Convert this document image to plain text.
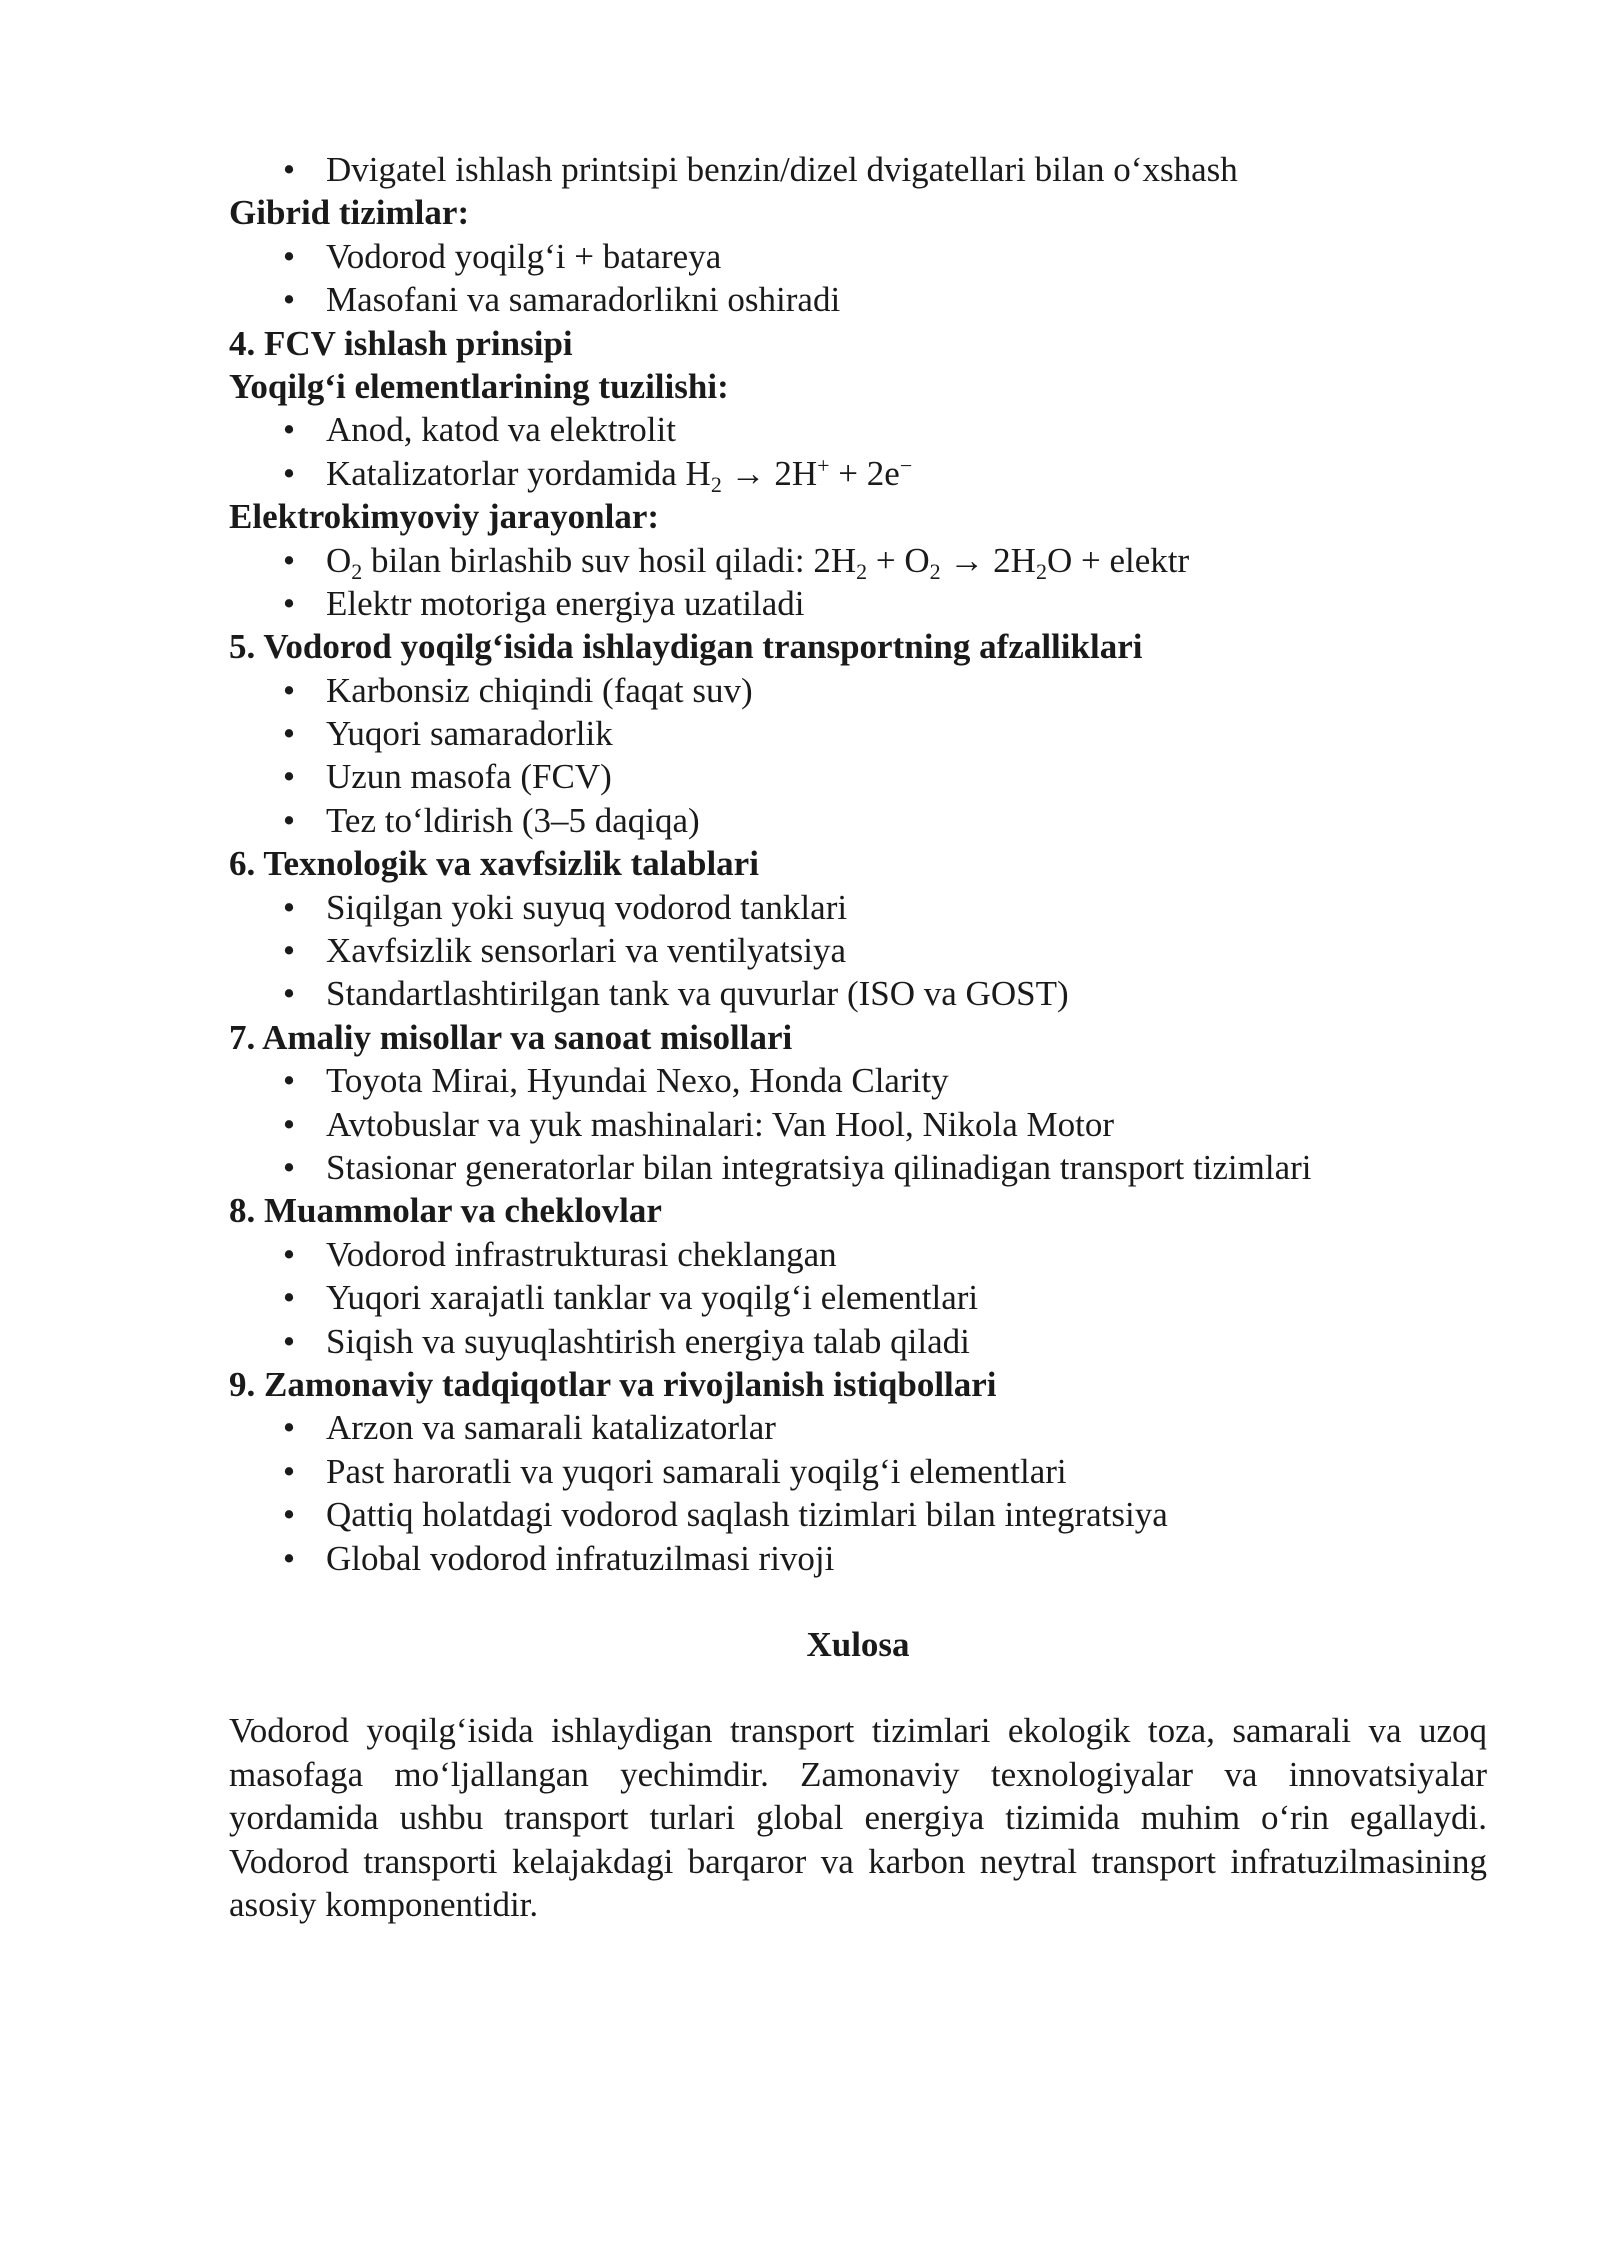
• Dvigatel ishlash printsipi benzin/dizel dvigatellari bilan o‘xshash
Gibrid tizimlar:
• Vodorod yoqilg‘i + batareya
• Masofani va samaradorlikni oshiradi
4. FCV ishlash prinsipi
Yoqilg‘i elementlarining tuzilishi:
• Anod, katod va elektrolit
• Katalizatorlar yordamida $H_2 \to 2H^+ + 2e^-$
Elektrokimyoviy jarayonlar:
• $O_2$ bilan birlashib suv hosil qiladi: $2H_2 + O_2 \to 2H_2O$ + elektr
• Elektr motoriga energiya uzatiladi
5. Vodorod yoqilg‘isida ishlaydigan transportning afzalliklari
• Karbonsiz chiqindi (faqat suv)
• Yuqori samaradorlik
• Uzun masofa (FCV)
• Tez to‘ldirish (3–5 daqiqa)
6. Texnologik va xavfsizlik talablari
• Siqilgan yoki suyuq vodorod tanklari
• Xavfsizlik sensorlari va ventilyatsiya
• Standartlashtirilgan tank va quvurlar (ISO va GOST)
7. Amaliy misollar va sanoat misollari
• Toyota Mirai, Hyundai Nexo, Honda Clarity
• Avtobuslar va yuk mashinalari: Van Hool, Nikola Motor
• Stasionar generatorlar bilan integratsiya qilinadigan transport tizimlari
8. Muammolar va cheklovlar
• Vodorod infrastrukturasi cheklangan
• Yuqori xarajatli tanklar va yoqilg‘i elementlari
• Siqish va suyuqlashtirish energiya talab qiladi
9. Zamonaviy tadqiqotlar va rivojlanish istiqbollari
• Arzon va samarali katalizatorlar
• Past haroratli va yuqori samarali yoqilg‘i elementlari
• Qattiq holatdagi vodorod saqlash tizimlari bilan integratsiya
• Global vodorod infratuzilmasi rivoji
Xulosa
Vodorod yoqilg‘isida ishlaydigan transport tizimlari ekologik toza, samarali va uzoq masofaga mo‘ljallangan yechimdir. Zamonaviy texnologiyalar va innovatsiyalar yordamida ushbu transport turlari global energiya tizimida muhim o‘rin egallaydi. Vodorod transporti kelajakdagi barqaror va karbon neytral transport infratuzilmasining asosiy komponentidir.
